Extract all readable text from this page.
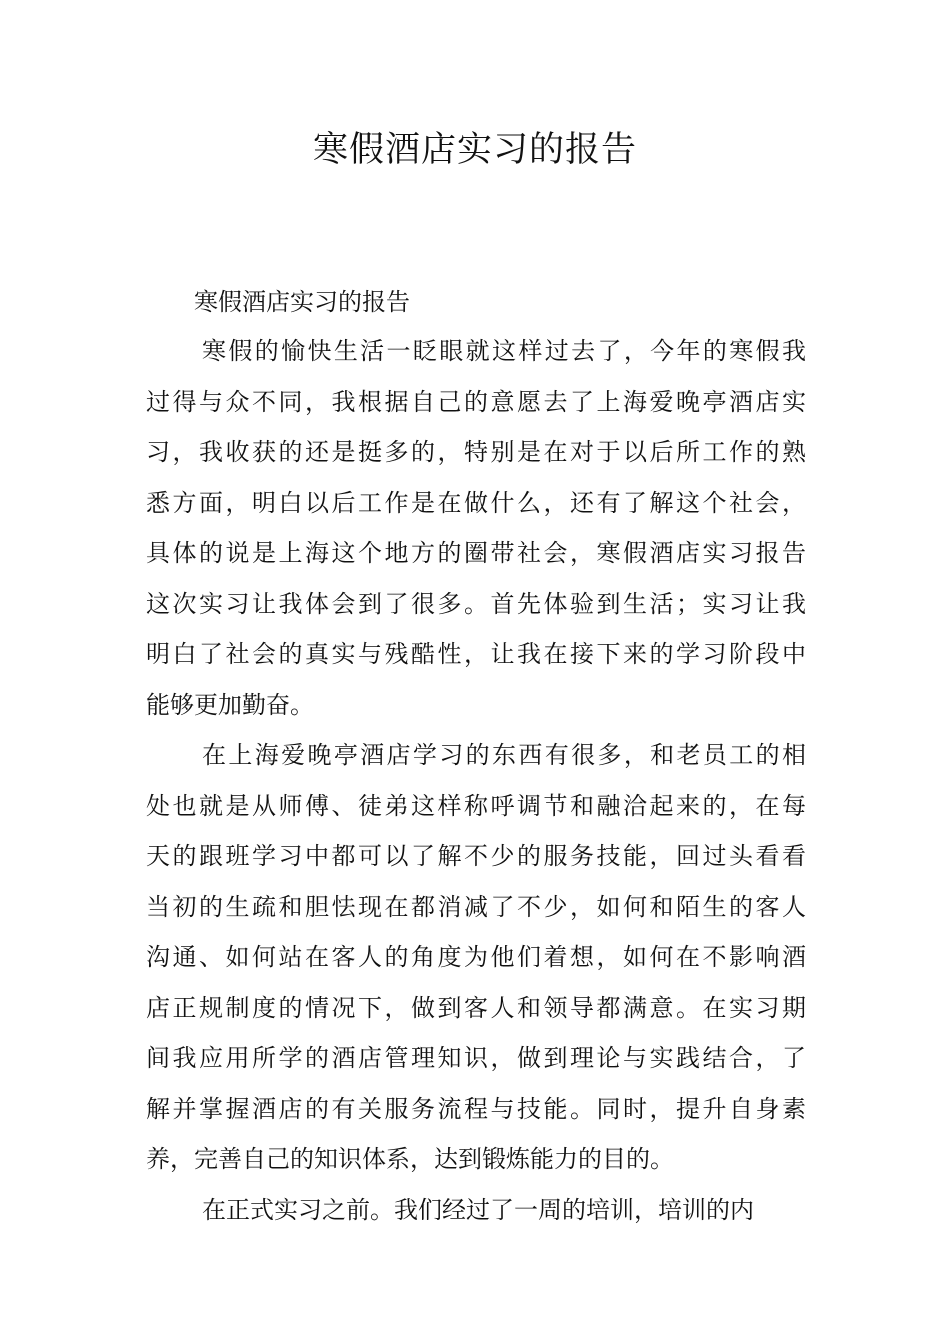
寒假酒店实习的报告

寒假酒店实习的报告

寒假的愉快生活一眨眼就这样过去了，今年的寒假我
过得与众不同，我根据自己的意愿去了上海爱晚亭酒店实
习，我收获的还是挺多的，特别是在对于以后所工作的熟
悉方面，明白以后工作是在做什么，还有了解这个社会，
具体的说是上海这个地方的圈带社会，寒假酒店实习报告
这次实习让我体会到了很多。首先体验到生活；实习让我
明白了社会的真实与残酷性，让我在接下来的学习阶段中
能够更加勤奋。

在上海爱晚亭酒店学习的东西有很多，和老员工的相
处也就是从师傅、徒弟这样称呼调节和融洽起来的，在每
天的跟班学习中都可以了解不少的服务技能，回过头看看
当初的生疏和胆怯现在都消减了不少，如何和陌生的客人
沟通、如何站在客人的角度为他们着想，如何在不影响酒
店正规制度的情况下，做到客人和领导都满意。在实习期
间我应用所学的酒店管理知识，做到理论与实践结合，了
解并掌握酒店的有关服务流程与技能。同时，提升自身素
养，完善自己的知识体系，达到锻炼能力的目的。

在正式实习之前。我们经过了一周的培训，培训的内
